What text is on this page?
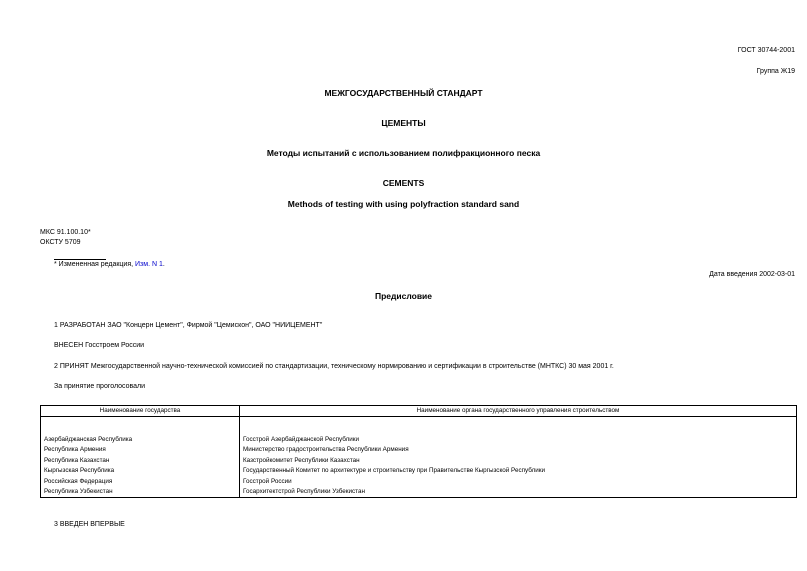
ГОСТ 30744-2001
Группа Ж19
МЕЖГОСУДАРСТВЕННЫЙ СТАНДАРТ
ЦЕМЕНТЫ
Методы испытаний с использованием полифракционного песка
CEMENTS
Methods of testing with using polyfraction standard sand
МКС 91.100.10*
ОКСТУ 5709
* Измененная редакция, Изм. N 1.
Дата введения 2002-03-01
Предисловие
1 РАЗРАБОТАН ЗАО "Концерн Цемент", Фирмой "Цемискон", ОАО "НИИЦЕМЕНТ"
ВНЕСЕН Госстроем России
2 ПРИНЯТ Межгосударственной научно-технической комиссией по стандартизации, техническому нормированию и сертификации в строительстве (МНТКС) 30 мая 2001 г.
За принятие проголосовали
Наименование государства	Наименование органа государственного управления строительством

Азербайджанская Республика	Госстрой Азербайджанской Республики
Республика Армения	Министерство градостроительства Республики Армения
Республика Казахстан	Казстройкомитет Республики Казахстан
Кыргызская Республика	Государственный Комитет по архитектуре и строительству при Правительстве Кыргызской Республики
Российская Федерация	Госстрой России
Республика Узбекистан	Госархитектстрой Республики Узбекистан
3 ВВЕДЕН ВПЕРВЫЕ
